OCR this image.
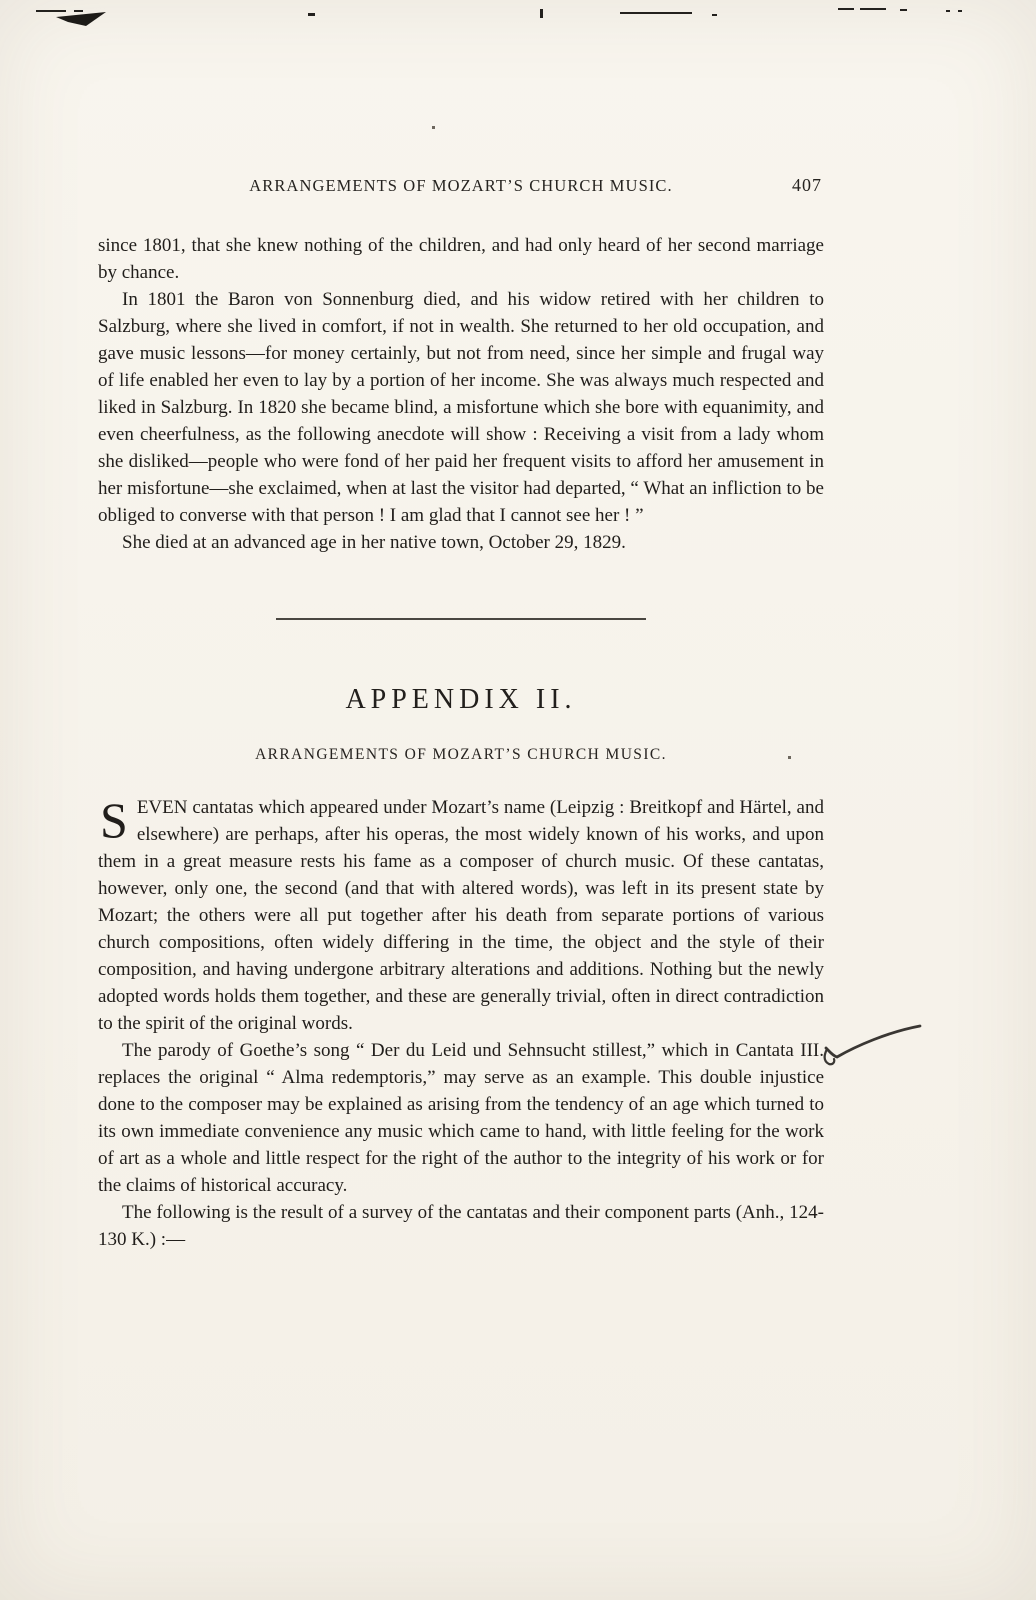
ARRANGEMENTS OF MOZART’S CHURCH MUSIC.	407

since 1801, that she knew nothing of the children, and had only heard of her second marriage by chance.

In 1801 the Baron von Sonnenburg died, and his widow retired with her children to Salzburg, where she lived in comfort, if not in wealth. She returned to her old occupation, and gave music lessons—for money certainly, but not from need, since her simple and frugal way of life enabled her even to lay by a portion of her income. She was always much respected and liked in Salzburg. In 1820 she became blind, a misfortune which she bore with equanimity, and even cheerfulness, as the following anecdote will show : Receiving a visit from a lady whom she disliked—people who were fond of her paid her frequent visits to afford her amusement in her misfortune—she exclaimed, when at last the visitor had departed, “ What an infliction to be obliged to converse with that person ! I am glad that I cannot see her ! ”

She died at an advanced age in her native town, October 29, 1829.

APPENDIX II.
ARRANGEMENTS OF MOZART’S CHURCH MUSIC.

SEVEN cantatas which appeared under Mozart’s name (Leipzig : Breitkopf and Härtel, and elsewhere) are perhaps, after his operas, the most widely known of his works, and upon them in a great measure rests his fame as a composer of church music. Of these cantatas, however, only one, the second (and that with altered words), was left in its present state by Mozart; the others were all put together after his death from separate portions of various church compositions, often widely differing in the time, the object and the style of their composition, and having undergone arbitrary alterations and additions. Nothing but the newly adopted words holds them together, and these are generally trivial, often in direct contradiction to the spirit of the original words.

The parody of Goethe’s song “ Der du Leid und Sehnsucht stillest,” which in Cantata III. replaces the original “ Alma redemptoris,” may serve as an example. This double injustice done to the composer may be explained as arising from the tendency of an age which turned to its own immediate convenience any music which came to hand, with little feeling for the work of art as a whole and little respect for the right of the author to the integrity of his work or for the claims of historical accuracy.

The following is the result of a survey of the cantatas and their component parts (Anh., 124-130 K.) :—
